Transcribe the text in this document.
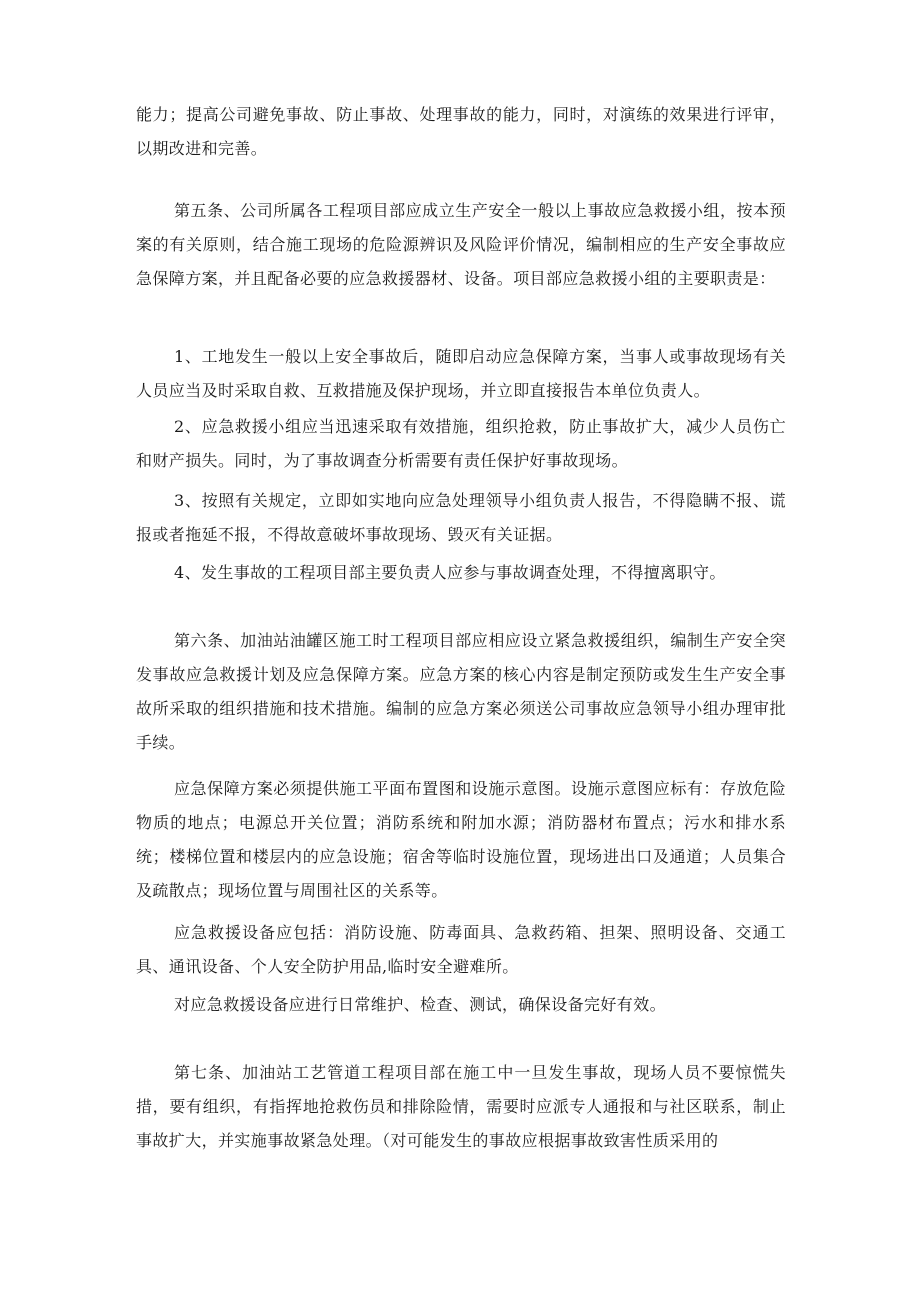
能力；提高公司避免事故、防止事故、处理事故的能力，同时，对演练的效果进行评审，以期改进和完善。

第五条、公司所属各工程项目部应成立生产安全一般以上事故应急救援小组，按本预案的有关原则，结合施工现场的危险源辨识及风险评价情况，编制相应的生产安全事故应急保障方案，并且配备必要的应急救援器材、设备。项目部应急救援小组的主要职责是：

1、工地发生一般以上安全事故后，随即启动应急保障方案，当事人或事故现场有关人员应当及时采取自救、互救措施及保护现场，并立即直接报告本单位负责人。

2、应急救援小组应当迅速采取有效措施，组织抢救，防止事故扩大，减少人员伤亡和财产损失。同时，为了事故调查分析需要有责任保护好事故现场。

3、按照有关规定，立即如实地向应急处理领导小组负责人报告，不得隐瞒不报、谎报或者拖延不报，不得故意破坏事故现场、毁灭有关证据。

4、发生事故的工程项目部主要负责人应参与事故调查处理，不得擅离职守。

第六条、加油站油罐区施工时工程项目部应相应设立紧急救援组织，编制生产安全突发事故应急救援计划及应急保障方案。应急方案的核心内容是制定预防或发生生产安全事故所采取的组织措施和技术措施。编制的应急方案必须送公司事故应急领导小组办理审批手续。

应急保障方案必须提供施工平面布置图和设施示意图。设施示意图应标有：存放危险物质的地点；电源总开关位置；消防系统和附加水源；消防器材布置点；污水和排水系统；楼梯位置和楼层内的应急设施；宿舍等临时设施位置，现场进出口及通道；人员集合及疏散点；现场位置与周围社区的关系等。

应急救援设备应包括：消防设施、防毒面具、急救药箱、担架、照明设备、交通工具、通讯设备、个人安全防护用品,临时安全避难所。

对应急救援设备应进行日常维护、检查、测试，确保设备完好有效。

第七条、加油站工艺管道工程项目部在施工中一旦发生事故，现场人员不要惊慌失措，要有组织，有指挥地抢救伤员和排除险情，需要时应派专人通报和与社区联系，制止事故扩大，并实施事故紧急处理。（对可能发生的事故应根据事故致害性质采用的
